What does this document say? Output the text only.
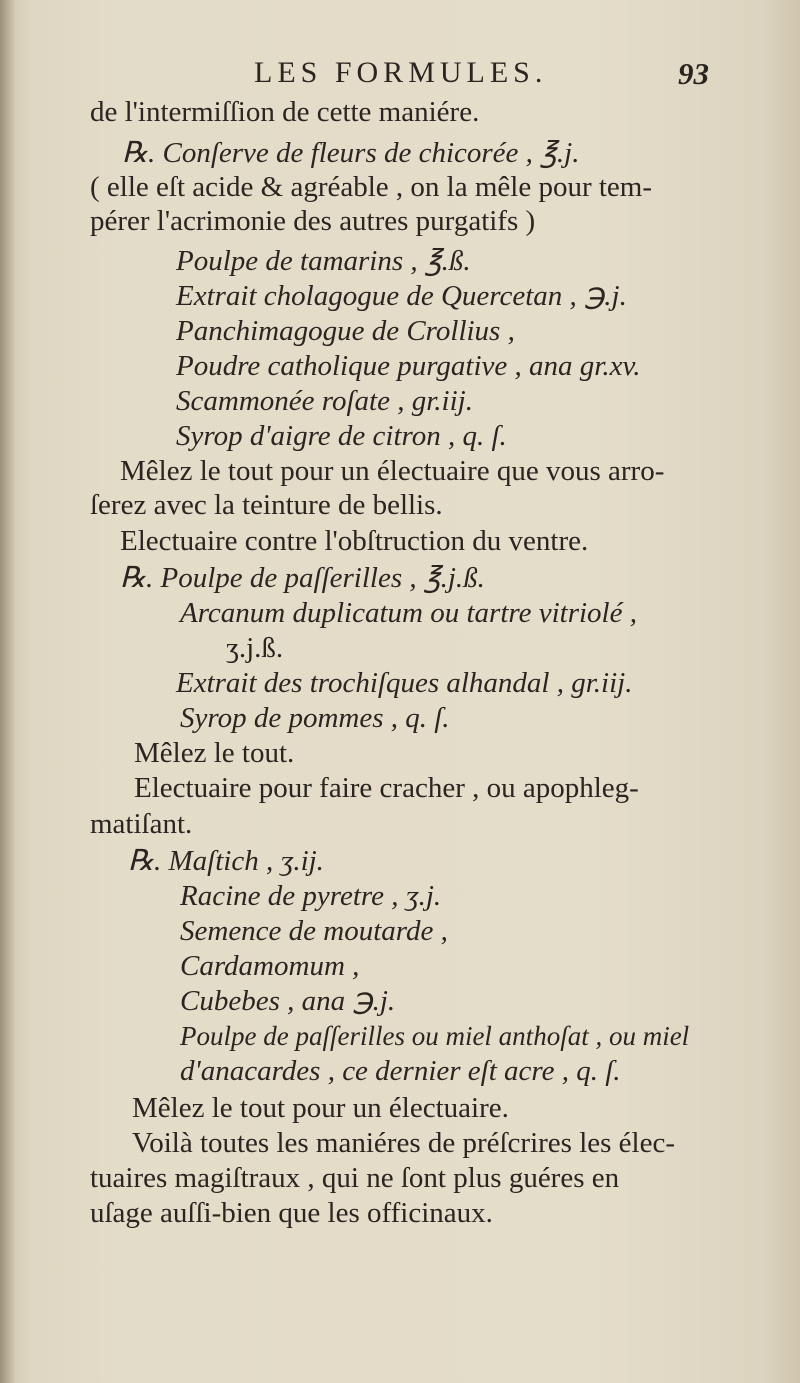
LES FORMULES.	93
de l'intermiſſion de cette maniére.
℞. Conſerve de fleurs de chicorée , ℥.j.
( elle eſt acide & agréable , on la mêle pour tem-
pérer l'acrimonie des autres purgatifs )
Poulpe de tamarins , ℥.ß.
Extrait cholagogue de Quercetan , ℈.j.
Panchimagogue de Crollius ,
Poudre catholique purgative , ana gr.xv.
Scammonée roſate , gr.iij.
Syrop d'aigre de citron , q. ſ.
Mêlez le tout pour un électuaire que vous arro-
ſerez avec la teinture de bellis.
Electuaire contre l'obſtruction du ventre.
℞. Poulpe de paſſerilles , ℥.j.ß.
Arcanum duplicatum ou tartre vitriolé ,
ʒ.j.ß.
Extrait des trochiſques alhandal , gr.iij.
Syrop de pommes , q. ſ.
Mêlez le tout.
Electuaire pour faire cracher , ou apophleg-
matiſant.
℞. Maſtich , ʒ.ij.
Racine de pyretre , ʒ.j.
Semence de moutarde ,
Cardamomum ,
Cubebes , ana ℈.j.
Poulpe de paſſerilles ou miel anthoſat , ou miel
d'anacardes , ce dernier eſt acre , q. ſ.
Mêlez le tout pour un électuaire.
Voilà toutes les maniéres de préſcrires les élec-
tuaires magiſtraux , qui ne ſont plus guéres en
uſage auſſi-bien que les officinaux.
